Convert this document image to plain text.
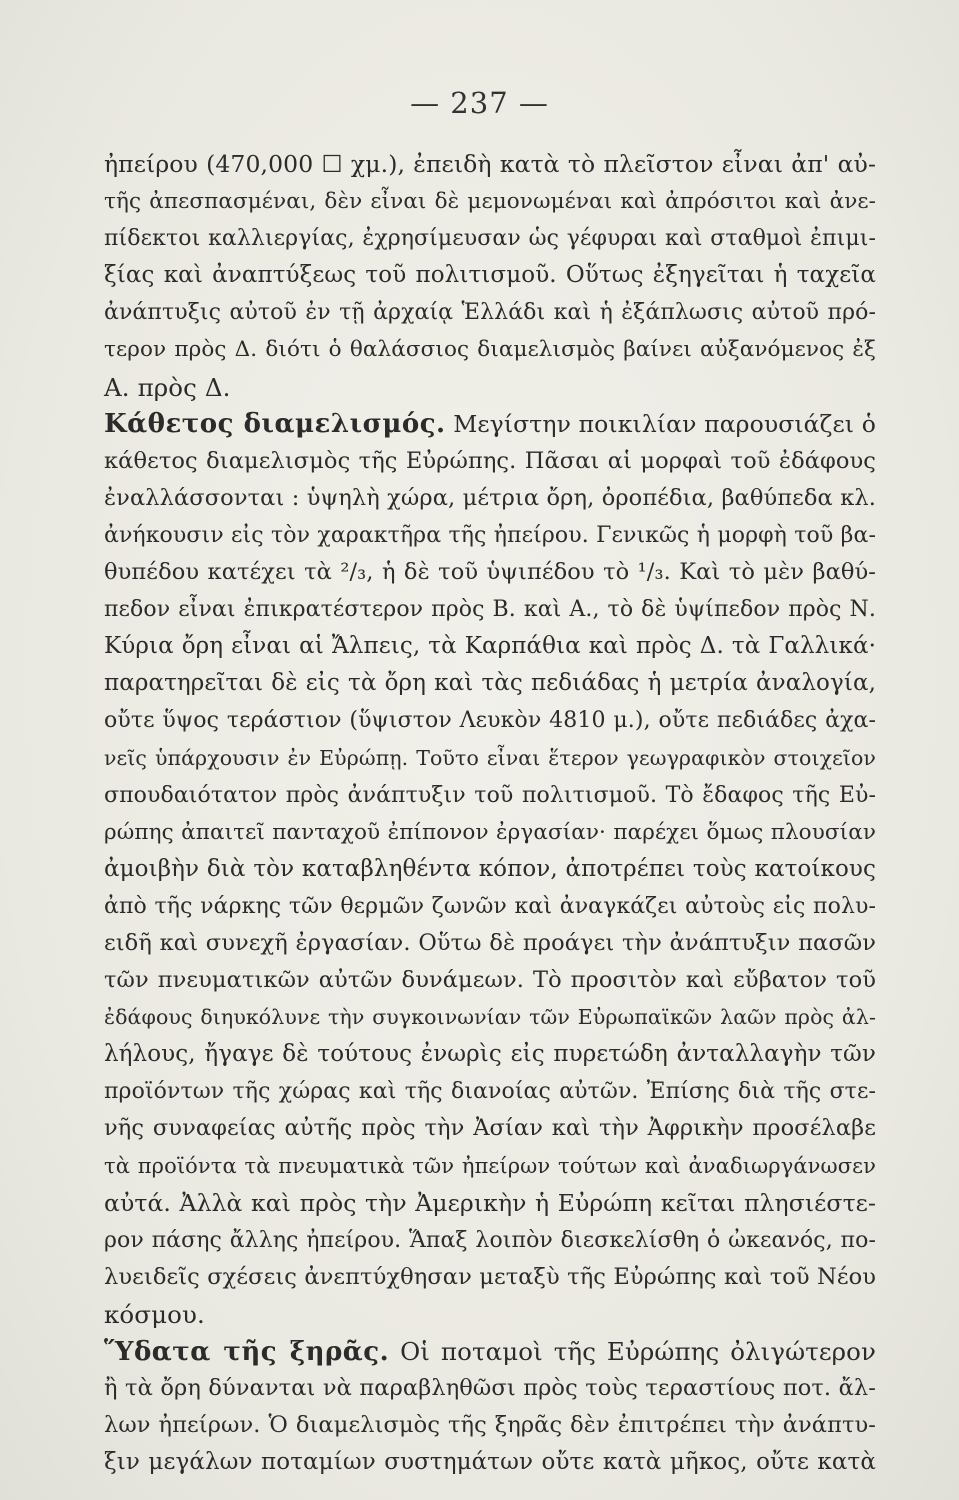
— 237 —
ἠπείρου (470,000 ☐ χμ.), ἐπειδὴ κατὰ τὸ πλεῖστον εἶναι ἀπ' αὐ-
τῆς ἀπεσπασμέναι, δὲν εἶναι δὲ μεμονωμέναι καὶ ἀπρόσιτοι καὶ ἀνε-
πίδεκτοι καλλιεργίας, ἐχρησίμευσαν ὡς γέφυραι καὶ σταθμοὶ ἐπιμι-
ξίας καὶ ἀναπτύξεως τοῦ πολιτισμοῦ. Οὕτως ἐξηγεῖται ἡ ταχεῖα
ἀνάπτυξις αὐτοῦ ἐν τῇ ἀρχαίᾳ Ἑλλάδι καὶ ἡ ἐξάπλωσις αὐτοῦ πρό-
τερον πρὸς Δ. διότι ὁ θαλάσσιος διαμελισμὸς βαίνει αὐξανόμενος ἐξ
Α. πρὸς Δ.
Κάθετος διαμελισμός. Μεγίστην ποικιλίαν παρουσιάζει ὁ
κάθετος διαμελισμὸς τῆς Εὐρώπης. Πᾶσαι αἱ μορφαὶ τοῦ ἐδάφους
ἐναλλάσσονται : ὑψηλὴ χώρα, μέτρια ὄρη, ὀροπέδια, βαθύπεδα κλ.
ἀνήκουσιν εἰς τὸν χαρακτῆρα τῆς ἠπείρου. Γενικῶς ἡ μορφὴ τοῦ βα-
θυπέδου κατέχει τὰ ²/₃, ἡ δὲ τοῦ ὑψιπέδου τὸ ¹/₃. Καὶ τὸ μὲν βαθύ-
πεδον εἶναι ἐπικρατέστερον πρὸς Β. καὶ Α., τὸ δὲ ὑψίπεδον πρὸς Ν.
Κύρια ὄρη εἶναι αἱ Ἄλπεις, τὰ Καρπάθια καὶ πρὸς Δ. τὰ Γαλλικά·
παρατηρεῖται δὲ εἰς τὰ ὄρη καὶ τὰς πεδιάδας ἡ μετρία ἀναλογία,
οὔτε ὕψος τεράστιον (ὕψιστον Λευκὸν 4810 μ.), οὔτε πεδιάδες ἀχα-
νεῖς ὑπάρχουσιν ἐν Εὐρώπῃ. Τοῦτο εἶναι ἕτερον γεωγραφικὸν στοιχεῖον
σπουδαιότατον πρὸς ἀνάπτυξιν τοῦ πολιτισμοῦ. Τὸ ἔδαφος τῆς Εὐ-
ρώπης ἀπαιτεῖ πανταχοῦ ἐπίπονον ἐργασίαν· παρέχει ὅμως πλουσίαν
ἀμοιβὴν διὰ τὸν καταβληθέντα κόπον, ἀποτρέπει τοὺς κατοίκους
ἀπὸ τῆς νάρκης τῶν θερμῶν ζωνῶν καὶ ἀναγκάζει αὐτοὺς εἰς πολυ-
ειδῆ καὶ συνεχῆ ἐργασίαν. Οὕτω δὲ προάγει τὴν ἀνάπτυξιν πασῶν
τῶν πνευματικῶν αὐτῶν δυνάμεων. Τὸ προσιτὸν καὶ εὔβατον τοῦ
ἐδάφους διηυκόλυνε τὴν συγκοινωνίαν τῶν Εὐρωπαϊκῶν λαῶν πρὸς ἀλ-
λήλους, ἤγαγε δὲ τούτους ἐνωρὶς εἰς πυρετώδη ἀνταλλαγὴν τῶν
προϊόντων τῆς χώρας καὶ τῆς διανοίας αὐτῶν. Ἐπίσης διὰ τῆς στε-
νῆς συναφείας αὐτῆς πρὸς τὴν Ἀσίαν καὶ τὴν Ἀφρικὴν προσέλαβε
τὰ προϊόντα τὰ πνευματικὰ τῶν ἠπείρων τούτων καὶ ἀναδιωργάνωσεν
αὐτά. Ἀλλὰ καὶ πρὸς τὴν Ἀμερικὴν ἡ Εὐρώπη κεῖται πλησιέστε-
ρον πάσης ἄλλης ἠπείρου. Ἅπαξ λοιπὸν διεσκελίσθη ὁ ὠκεανός, πο-
λυειδεῖς σχέσεις ἀνεπτύχθησαν μεταξὺ τῆς Εὐρώπης καὶ τοῦ Νέου
κόσμου.
Ὕδατα τῆς ξηρᾶς. Οἱ ποταμοὶ τῆς Εὐρώπης ὀλιγώτερον
ἢ τὰ ὄρη δύνανται νὰ παραβληθῶσι πρὸς τοὺς τεραστίους ποτ. ἄλ-
λων ἠπείρων. Ὁ διαμελισμὸς τῆς ξηρᾶς δὲν ἐπιτρέπει τὴν ἀνάπτυ-
ξιν μεγάλων ποταμίων συστημάτων οὔτε κατὰ μῆκος, οὔτε κατὰ
